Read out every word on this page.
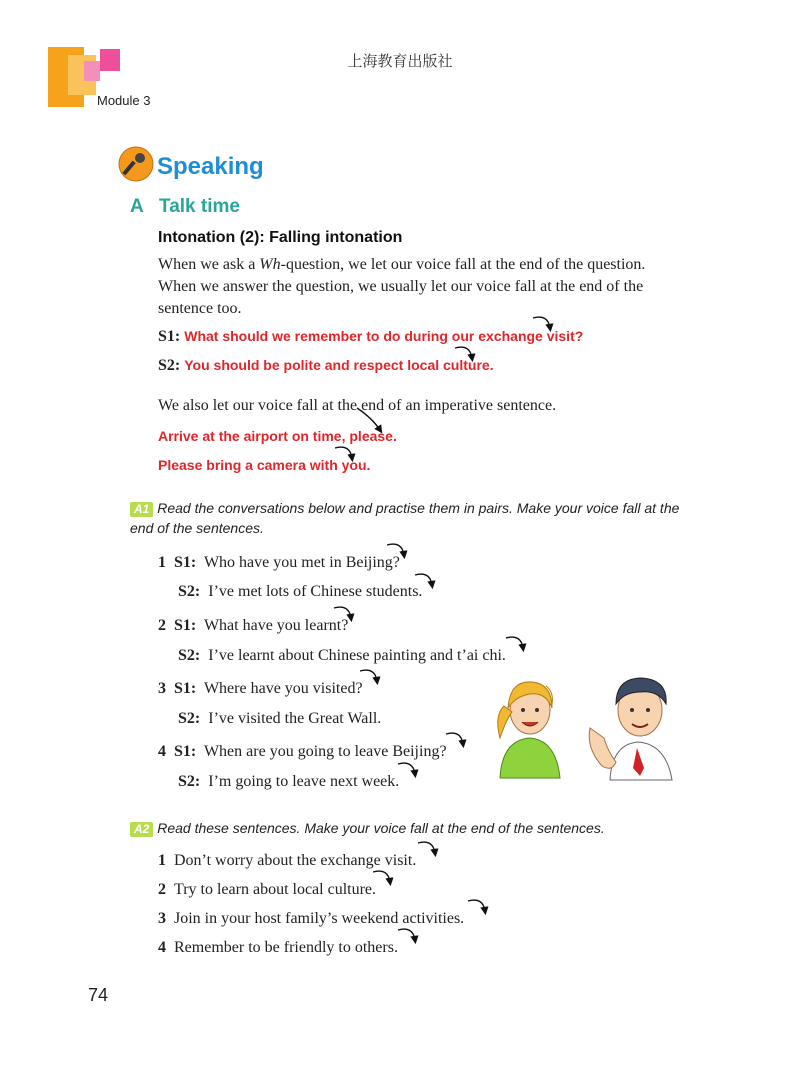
上海教育出版社
Module 3
Speaking
A Talk time
Intonation (2): Falling intonation
When we ask a Wh-question, we let our voice fall at the end of the question. When we answer the question, we usually let our voice fall at the end of the sentence too.
S1: What should we remember to do during our exchange visit?
S2: You should be polite and respect local culture.
We also let our voice fall at the end of an imperative sentence.
Arrive at the airport on time, please.
Please bring a camera with you.
A1 Read the conversations below and practise them in pairs. Make your voice fall at the end of the sentences.
1 S1: Who have you met in Beijing?
S2: I’ve met lots of Chinese students.
2 S1: What have you learnt?
S2: I’ve learnt about Chinese painting and t’ai chi.
3 S1: Where have you visited?
S2: I’ve visited the Great Wall.
4 S1: When are you going to leave Beijing?
S2: I’m going to leave next week.
A2 Read these sentences. Make your voice fall at the end of the sentences.
1 Don’t worry about the exchange visit.
2 Try to learn about local culture.
3 Join in your host family’s weekend activities.
4 Remember to be friendly to others.
74
